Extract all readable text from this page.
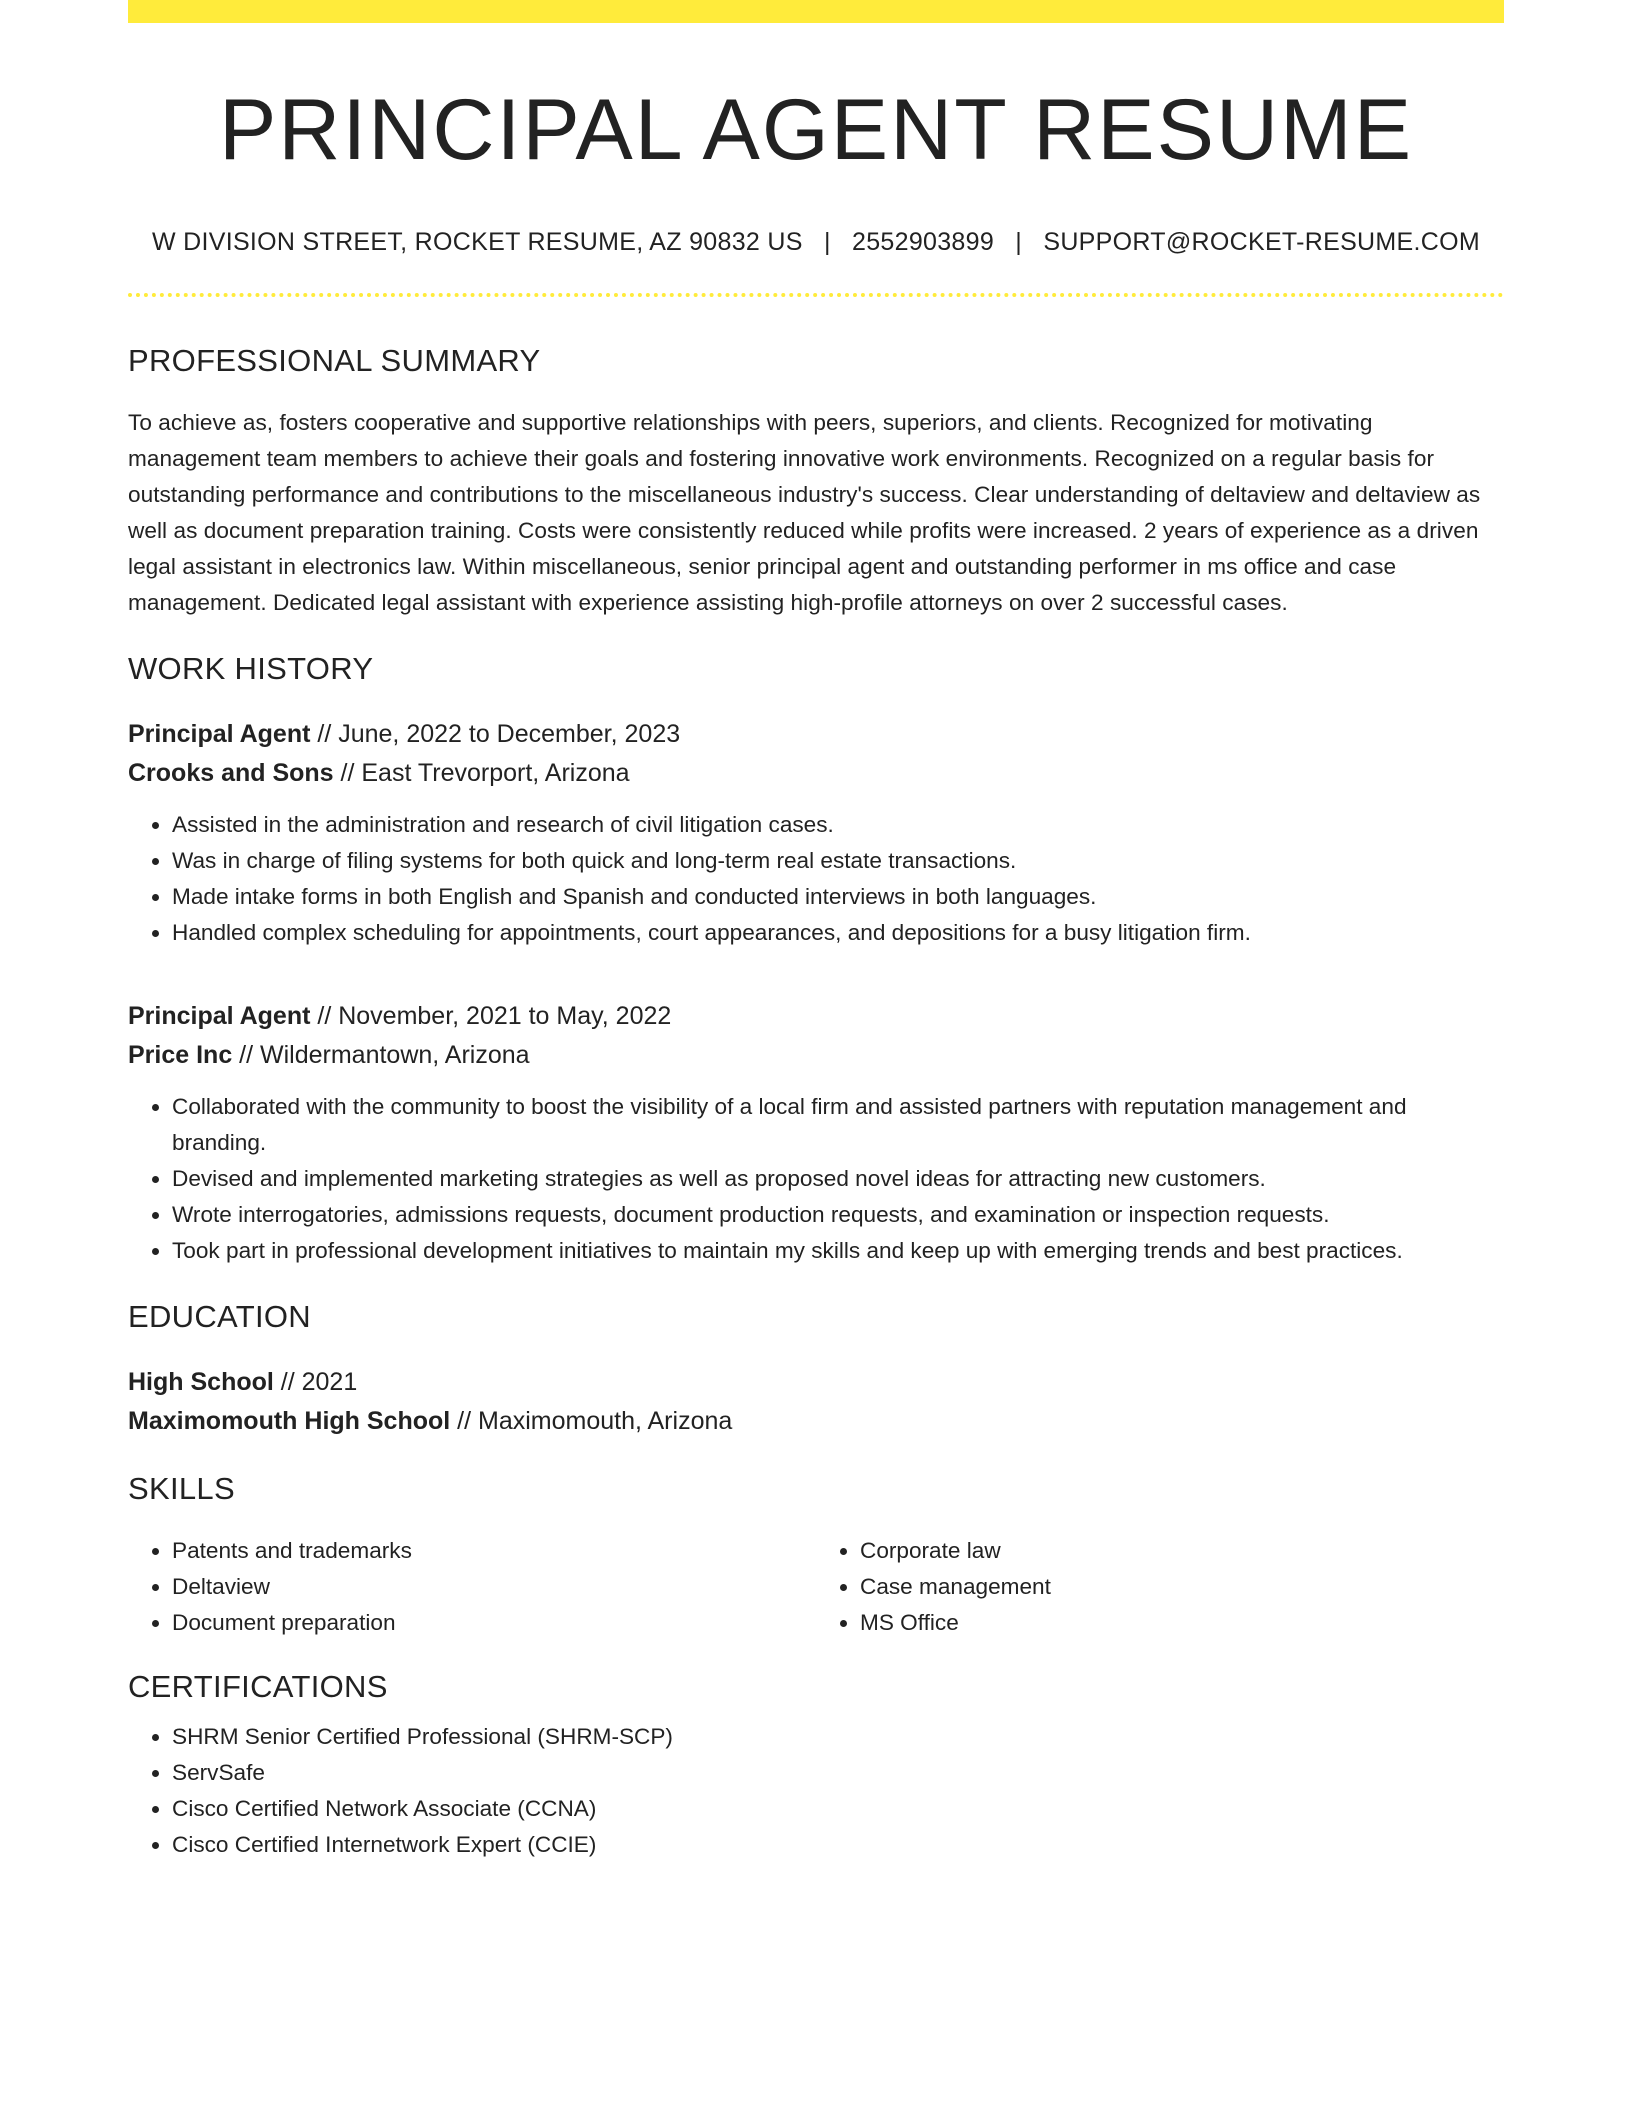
PRINCIPAL AGENT RESUME
W DIVISION STREET, ROCKET RESUME, AZ 90832 US | 2552903899 | SUPPORT@ROCKET-RESUME.COM
PROFESSIONAL SUMMARY
To achieve as, fosters cooperative and supportive relationships with peers, superiors, and clients. Recognized for motivating management team members to achieve their goals and fostering innovative work environments. Recognized on a regular basis for outstanding performance and contributions to the miscellaneous industry's success. Clear understanding of deltaview and deltaview as well as document preparation training. Costs were consistently reduced while profits were increased. 2 years of experience as a driven legal assistant in electronics law. Within miscellaneous, senior principal agent and outstanding performer in ms office and case management. Dedicated legal assistant with experience assisting high-profile attorneys on over 2 successful cases.
WORK HISTORY
Principal Agent // June, 2022 to December, 2023
Crooks and Sons // East Trevorport, Arizona
• Assisted in the administration and research of civil litigation cases.
• Was in charge of filing systems for both quick and long-term real estate transactions.
• Made intake forms in both English and Spanish and conducted interviews in both languages.
• Handled complex scheduling for appointments, court appearances, and depositions for a busy litigation firm.
Principal Agent // November, 2021 to May, 2022
Price Inc // Wildermantown, Arizona
• Collaborated with the community to boost the visibility of a local firm and assisted partners with reputation management and branding.
• Devised and implemented marketing strategies as well as proposed novel ideas for attracting new customers.
• Wrote interrogatories, admissions requests, document production requests, and examination or inspection requests.
• Took part in professional development initiatives to maintain my skills and keep up with emerging trends and best practices.
EDUCATION
High School // 2021
Maximomouth High School // Maximomouth, Arizona
SKILLS
• Patents and trademarks
• Deltaview
• Document preparation
• Corporate law
• Case management
• MS Office
CERTIFICATIONS
• SHRM Senior Certified Professional (SHRM-SCP)
• ServSafe
• Cisco Certified Network Associate (CCNA)
• Cisco Certified Internetwork Expert (CCIE)
